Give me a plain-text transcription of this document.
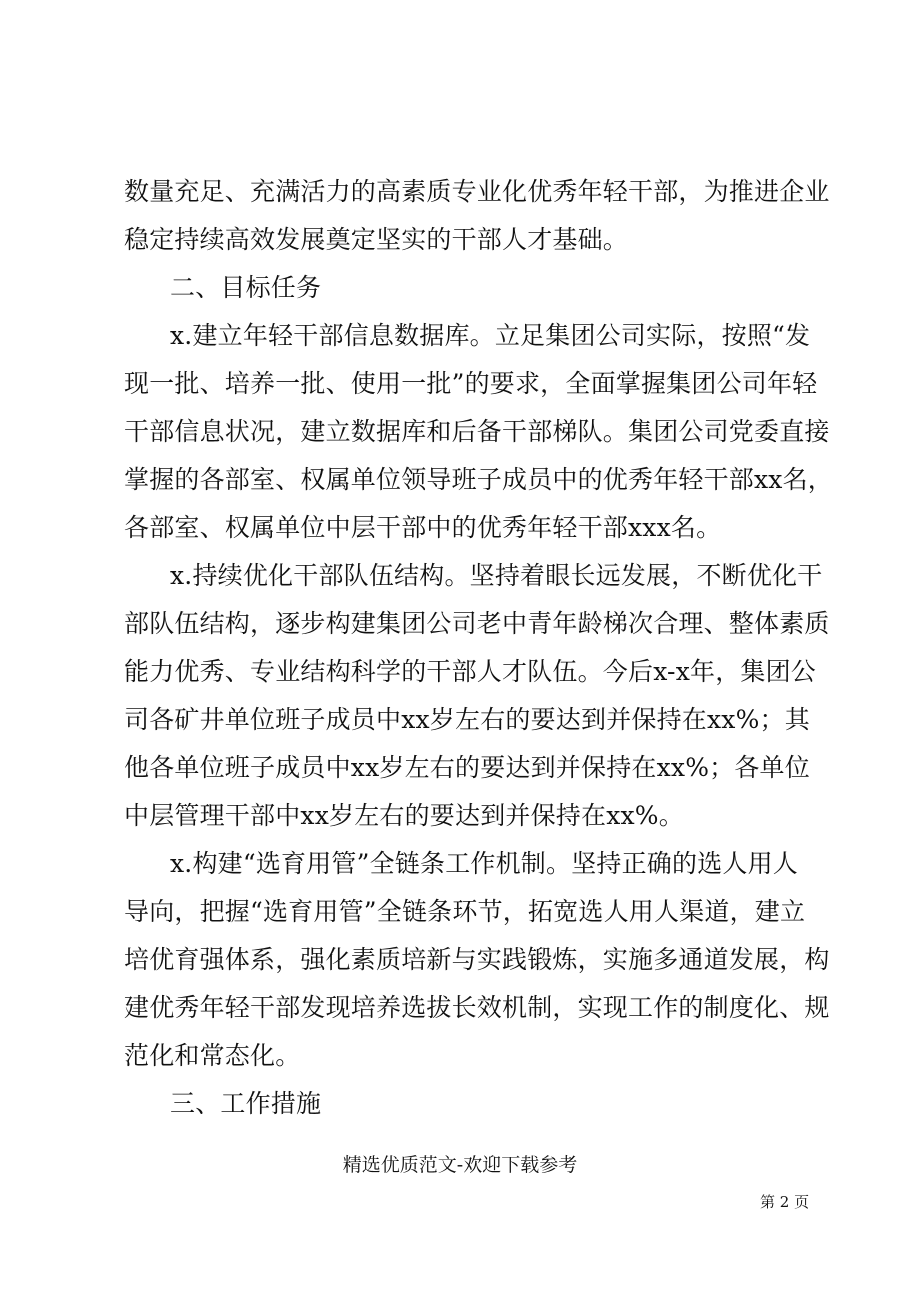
数量充足、充满活力的高素质专业化优秀年轻干部，为推进企业
稳定持续高效发展奠定坚实的干部人才基础。
二、目标任务
x.建立年轻干部信息数据库。立足集团公司实际，按照“发
现一批、培养一批、使用一批”的要求，全面掌握集团公司年轻
干部信息状况，建立数据库和后备干部梯队。集团公司党委直接
掌握的各部室、权属单位领导班子成员中的优秀年轻干部xx名，
各部室、权属单位中层干部中的优秀年轻干部xxx名。
x.持续优化干部队伍结构。坚持着眼长远发展，不断优化干
部队伍结构，逐步构建集团公司老中青年龄梯次合理、整体素质
能力优秀、专业结构科学的干部人才队伍。今后x-x年，集团公
司各矿井单位班子成员中xx岁左右的要达到并保持在xx%；其
他各单位班子成员中xx岁左右的要达到并保持在xx%；各单位
中层管理干部中xx岁左右的要达到并保持在xx%。
x.构建“选育用管”全链条工作机制。坚持正确的选人用人
导向，把握“选育用管”全链条环节，拓宽选人用人渠道，建立
培优育强体系，强化素质培新与实践锻炼，实施多通道发展，构
建优秀年轻干部发现培养选拔长效机制，实现工作的制度化、规
范化和常态化。
三、工作措施
精选优质范文-欢迎下载参考
第 2 页
